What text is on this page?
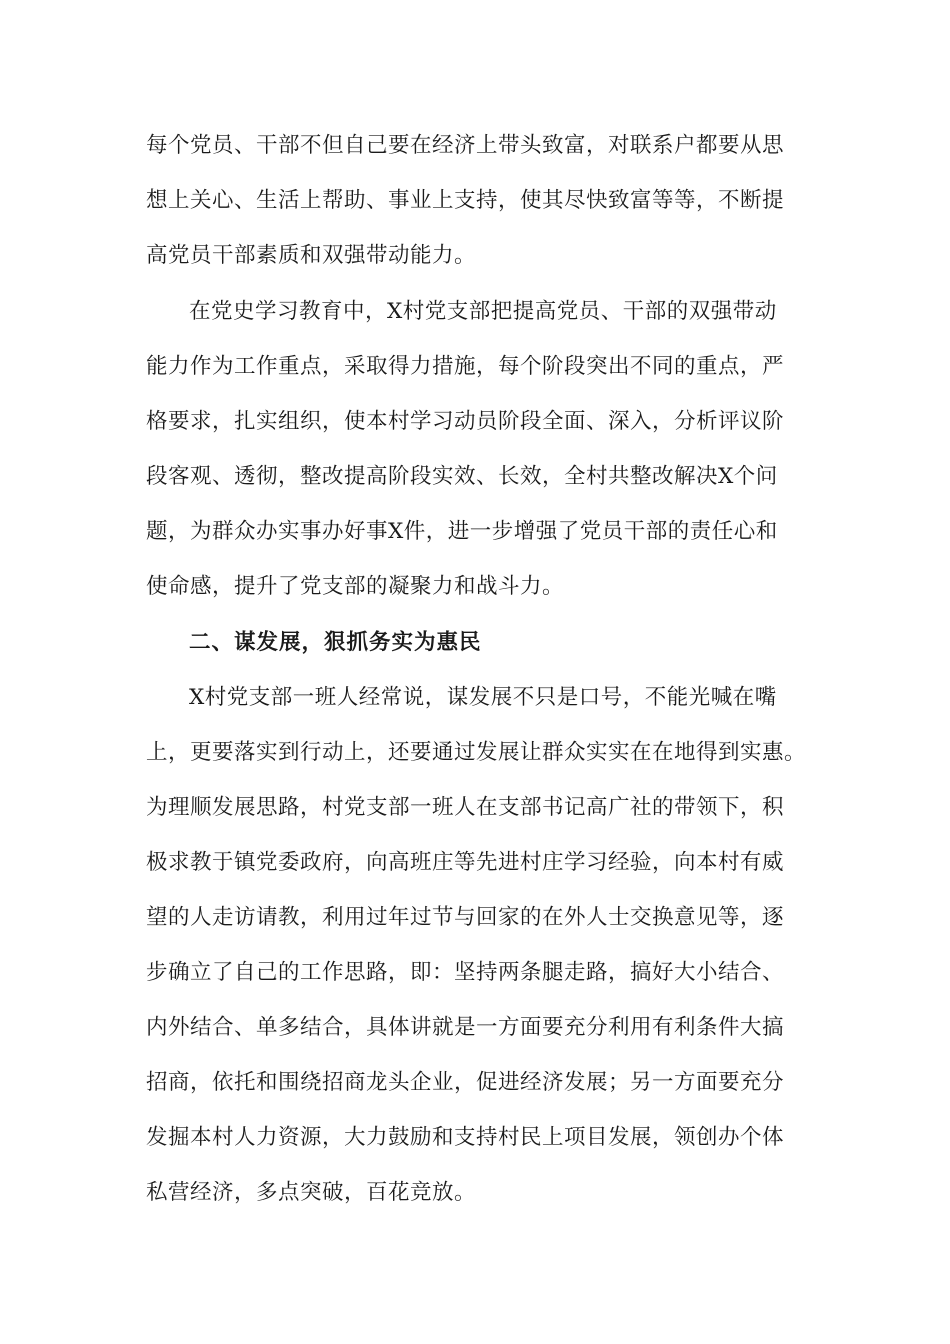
每个党员、干部不但自己要在经济上带头致富，对联系户都要从思
想上关心、生活上帮助、事业上支持，使其尽快致富等等，不断提
高党员干部素质和双强带动能力。
在党史学习教育中，X村党支部把提高党员、干部的双强带动
能力作为工作重点，采取得力措施，每个阶段突出不同的重点，严
格要求，扎实组织，使本村学习动员阶段全面、深入，分析评议阶
段客观、透彻，整改提高阶段实效、长效，全村共整改解决X个问
题，为群众办实事办好事X件，进一步增强了党员干部的责任心和
使命感，提升了党支部的凝聚力和战斗力。
二、谋发展，狠抓务实为惠民
X村党支部一班人经常说，谋发展不只是口号，不能光喊在嘴
上，更要落实到行动上，还要通过发展让群众实实在在地得到实惠。
为理顺发展思路，村党支部一班人在支部书记高广社的带领下，积
极求教于镇党委政府，向高班庄等先进村庄学习经验，向本村有威
望的人走访请教，利用过年过节与回家的在外人士交换意见等，逐
步确立了自己的工作思路，即：坚持两条腿走路，搞好大小结合、
内外结合、单多结合，具体讲就是一方面要充分利用有利条件大搞
招商，依托和围绕招商龙头企业，促进经济发展；另一方面要充分
发掘本村人力资源，大力鼓励和支持村民上项目发展，领创办个体
私营经济，多点突破，百花竞放。
